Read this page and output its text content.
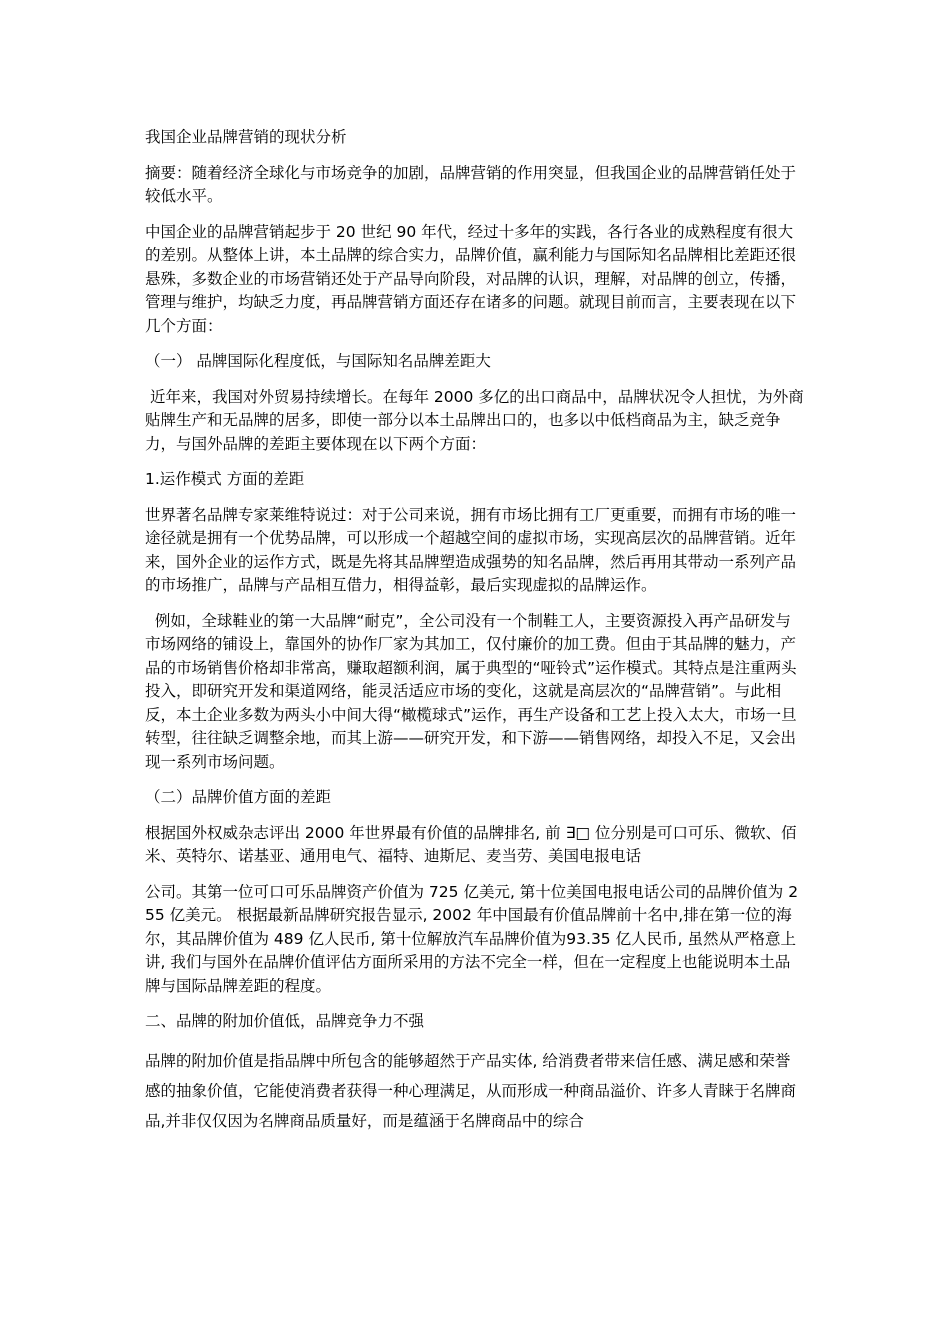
我国企业品牌营销的现状分析

摘要：随着经济全球化与市场竞争的加剧，品牌营销的作用突显，但我国企业的品牌营销任处于较低水平。

中国企业的品牌营销起步于 20 世纪 90 年代，经过十多年的实践，各行各业的成熟程度有很大的差别。从整体上讲，本土品牌的综合实力，品牌价值，赢利能力与国际知名品牌相比差距还很悬殊，多数企业的市场营销还处于产品导向阶段，对品牌的认识，理解，对品牌的创立，传播，管理与维护，均缺乏力度，再品牌营销方面还存在诸多的问题。就现目前而言，主要表现在以下几个方面：

（一） 品牌国际化程度低，与国际知名品牌差距大

近年来，我国对外贸易持续增长。在每年 2000 多亿的出口商品中，品牌状况令人担忧，为外商贴牌生产和无品牌的居多，即使一部分以本土品牌出口的，也多以中低档商品为主，缺乏竞争力，与国外品牌的差距主要体现在以下两个方面：

1.运作模式 方面的差距

世界著名品牌专家莱维特说过：对于公司来说，拥有市场比拥有工厂更重要，而拥有市场的唯一途径就是拥有一个优势品牌，可以形成一个超越空间的虚拟市场，实现高层次的品牌营销。近年来，国外企业的运作方式，既是先将其品牌塑造成强势的知名品牌，然后再用其带动一系列产品的市场推广，品牌与产品相互借力，相得益彰，最后实现虚拟的品牌运作。

例如，全球鞋业的第一大品牌“耐克”，全公司没有一个制鞋工人，主要资源投入再产品研发与市场网络的铺设上，靠国外的协作厂家为其加工，仅付廉价的加工费。但由于其品牌的魅力，产品的市场销售价格却非常高，赚取超额利润，属于典型的“哑铃式”运作模式。其特点是注重两头投入，即研究开发和渠道网络，能灵活适应市场的变化，这就是高层次的“品牌营销”。与此相反，本土企业多数为两头小中间大得“橄榄球式”运作，再生产设备和工艺上投入太大，市场一旦转型，往往缺乏调整余地，而其上游——研究开发，和下游——销售网络，却投入不足，又会出现一系列市场问题。

（二）品牌价值方面的差距

根据国外权威杂志评出 2000 年世界最有价值的品牌排名, 前 ∃□ 位分别是可口可乐、微软、佰米、英特尔、诺基亚、通用电气、福特、迪斯尼、麦当劳、美国电报电话

公司。其第一位可口可乐品牌资产价值为 725 亿美元, 第十位美国电报电话公司的品牌价值为 255 亿美元。 根据最新品牌研究报告显示, 2002 年中国最有价值品牌前十名中,排在第一位的海尔，其品牌价值为 489 亿人民币, 第十位解放汽车品牌价值为93.35 亿人民币, 虽然从严格意上讲, 我们与国外在品牌价值评估方面所采用的方法不完全一样，但在一定程度上也能说明本土品牌与国际品牌差距的程度。

二、品牌的附加价值低，品牌竞争力不强

品牌的附加价值是指品牌中所包含的能够超然于产品实体, 给消费者带来信任感、满足感和荣誉感的抽象价值，它能使消费者获得一种心理满足，从而形成一种商品溢价、许多人青睐于名牌商品,并非仅仅因为名牌商品质量好，而是蕴涵于名牌商品中的综合
